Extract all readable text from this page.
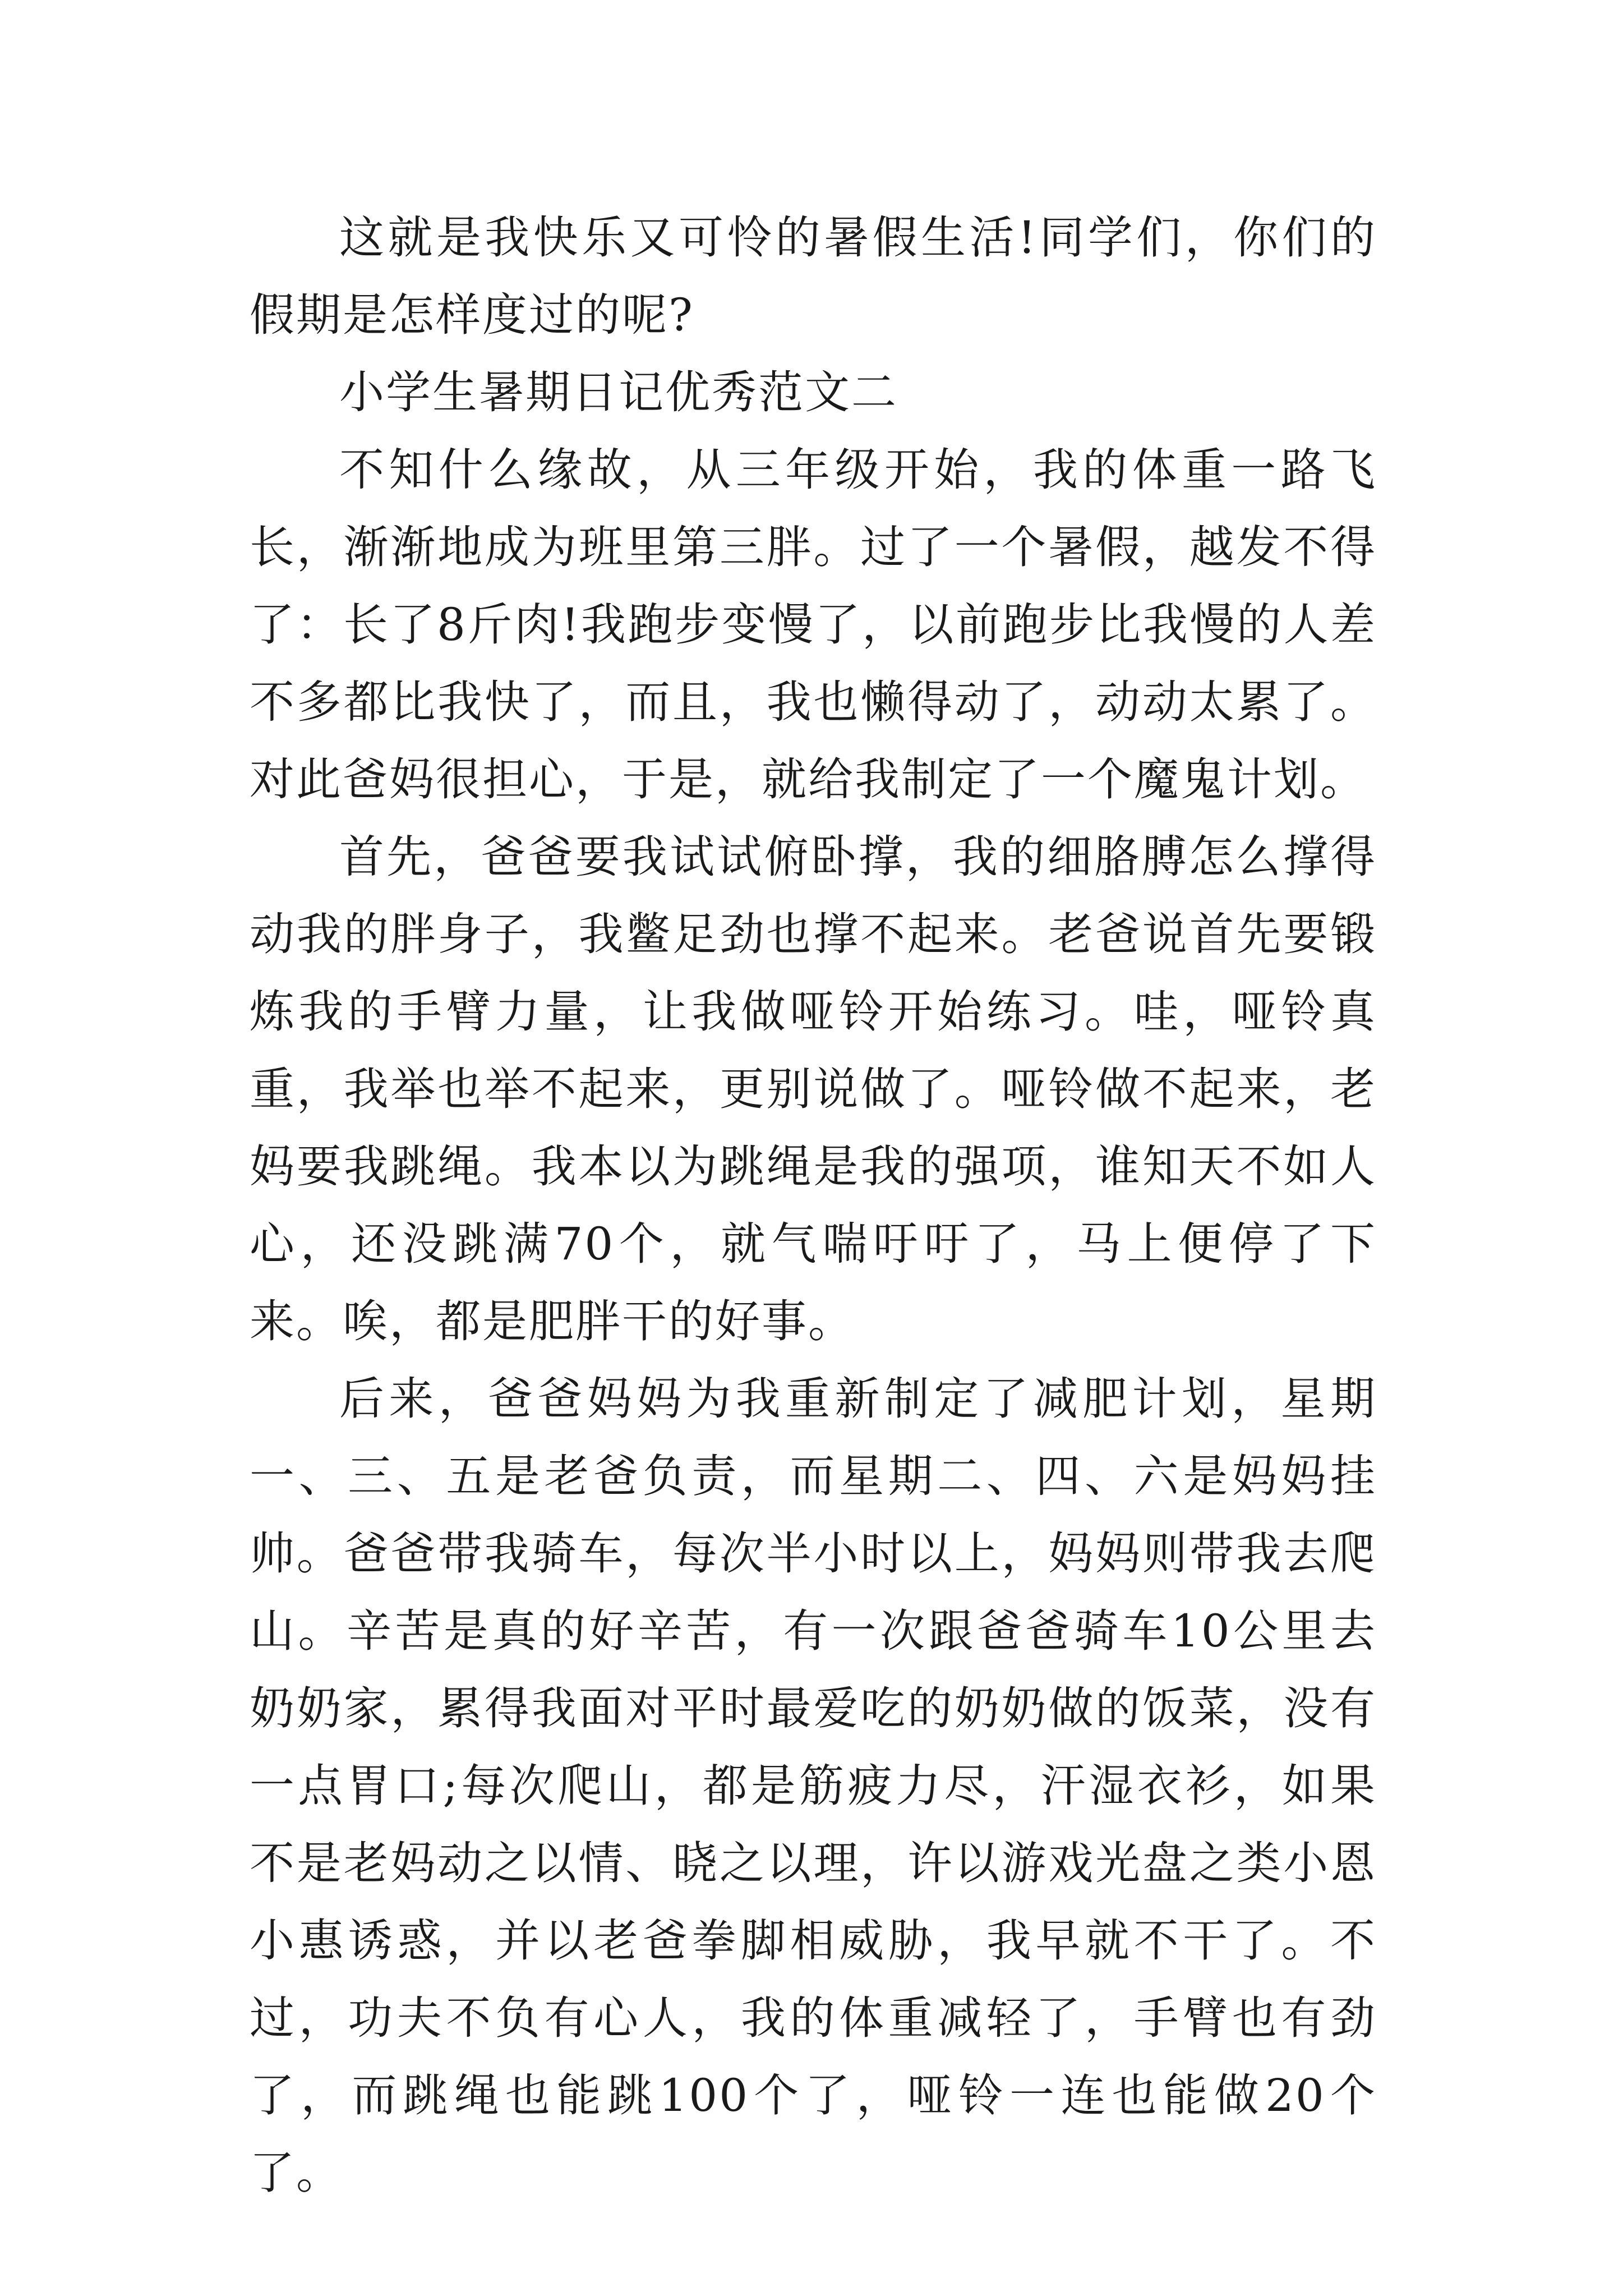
这就是我快乐又可怜的暑假生活!同学们，你们的假期是怎样度过的呢?

小学生暑期日记优秀范文二

不知什么缘故，从三年级开始，我的体重一路飞长，渐渐地成为班里第三胖。过了一个暑假，越发不得了：长了8斤肉!我跑步变慢了，以前跑步比我慢的人差不多都比我快了，而且，我也懒得动了，动动太累了。对此爸妈很担心，于是，就给我制定了一个魔鬼计划。

首先，爸爸要我试试俯卧撑，我的细胳膊怎么撑得动我的胖身子，我鳖足劲也撑不起来。老爸说首先要锻炼我的手臂力量，让我做哑铃开始练习。哇，哑铃真重，我举也举不起来，更别说做了。哑铃做不起来，老妈要我跳绳。我本以为跳绳是我的强项，谁知天不如人心，还没跳满70个，就气喘吁吁了，马上便停了下来。唉，都是肥胖干的好事。

后来，爸爸妈妈为我重新制定了减肥计划，星期一、三、五是老爸负责，而星期二、四、六是妈妈挂帅。爸爸带我骑车，每次半小时以上，妈妈则带我去爬山。辛苦是真的好辛苦，有一次跟爸爸骑车10公里去奶奶家，累得我面对平时最爱吃的奶奶做的饭菜，没有一点胃口;每次爬山，都是筋疲力尽，汗湿衣衫，如果不是老妈动之以情、晓之以理，许以游戏光盘之类小恩小惠诱惑，并以老爸拳脚相威胁，我早就不干了。不过，功夫不负有心人，我的体重减轻了，手臂也有劲了，而跳绳也能跳100个了，哑铃一连也能做20个了。
